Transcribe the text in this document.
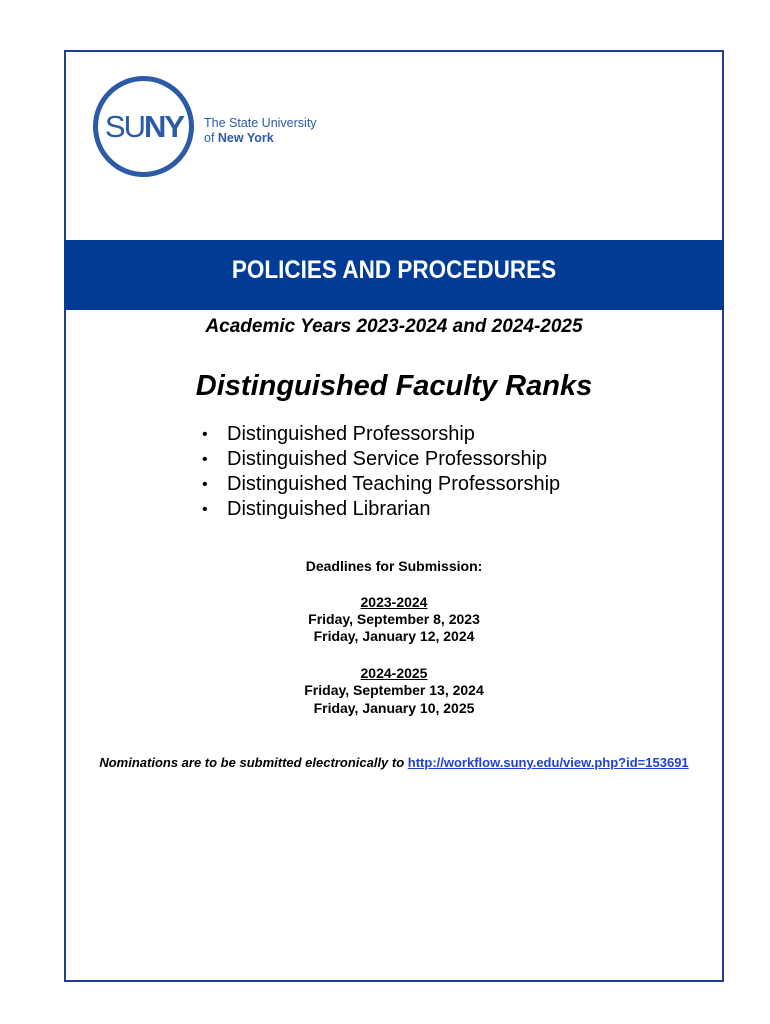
SUNY	The State University
of New York
POLICIES AND PROCEDURES
Academic Years 2023-2024 and 2024-2025
Distinguished Faculty Ranks
• Distinguished Professorship
• Distinguished Service Professorship
• Distinguished Teaching Professorship
• Distinguished Librarian
Deadlines for Submission:
2023-2024
Friday, September 8, 2023
Friday, January 12, 2024
2024-2025
Friday, September 13, 2024
Friday, January 10, 2025
Nominations are to be submitted electronically to http://workflow.suny.edu/view.php?id=153691
